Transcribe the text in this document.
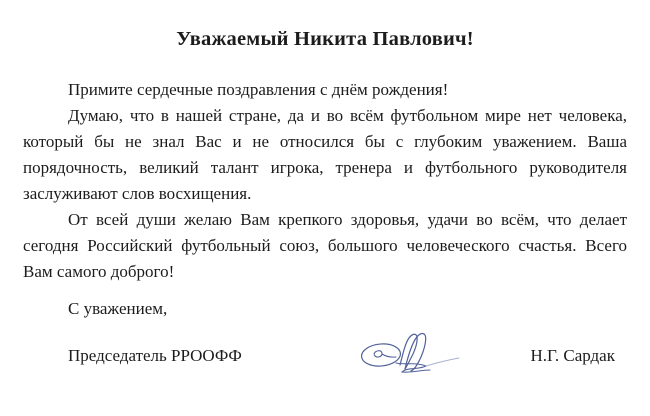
Уважаемый Никита Павлович!

Примите сердечные поздравления с днём рождения!

Думаю, что в нашей стране, да и во всём футбольном мире нет человека, который бы не знал Вас и не относился бы с глубоким уважением. Ваша порядочность, великий талант игрока, тренера и футбольного руководителя заслуживают слов восхищения.

От всей души желаю Вам крепкого здоровья, удачи во всём, что делает сегодня Российский футбольный союз, большого человеческого счастья. Всего Вам самого доброго!

С уважением,

Председатель РРООФФ	Н.Г. Сардак
